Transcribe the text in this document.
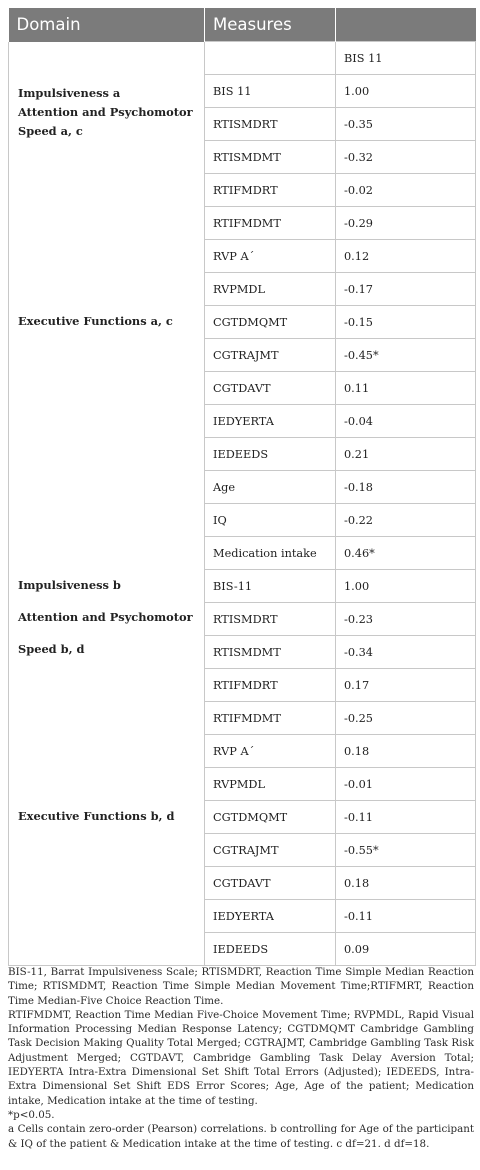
Domain	Measures	

Impulsiveness a
Attention and Psychomotor Speed a, c		BIS 11
	BIS 11	1.00
	RTISMDRT	-0.35
	RTISMDMT	-0.32
	RTIFMDRT	-0.02
	RTIFMDMT	-0.29
	RVP A´	0.12
	RVPMDL	-0.17

Executive Functions a, c	CGTDMQMT	-0.15
	CGTRAJMT	-0.45*
	CGTDAVT	0.11
	IEDYERTA	-0.04
	IEDEEDS	0.21
	Age	-0.18
	IQ	-0.22
	Medication intake	0.46*

Impulsiveness b
Attention and Psychomotor
Speed b, d	BIS-11	1.00
	RTISMDRT	-0.23
	RTISMDMT	-0.34
	RTIFMDRT	0.17
	RTIFMDMT	-0.25
	RVP A´	0.18
	RVPMDL	-0.01

Executive Functions b, d	CGTDMQMT	-0.11
	CGTRAJMT	-0.55*
	CGTDAVT	0.18
	IEDYERTA	-0.11
	IEDEEDS	0.09

BIS-11, Barrat Impulsiveness Scale; RTISMDRT, Reaction Time Simple Median Reaction Time; RTISMDMT, Reaction Time Simple Median Movement Time;RTIFMRT, Reaction Time Median-Five Choice Reaction Time.

RTIFMDMT, Reaction Time Median Five-Choice Movement Time; RVPMDL, Rapid Visual Information Processing Median Response Latency; CGTDMQMT Cambridge Gambling Task Decision Making Quality Total Merged; CGTRAJMT, Cambridge Gambling Task Risk Adjustment Merged; CGTDAVT, Cambridge Gambling Task Delay Aversion Total; IEDYERTA Intra-Extra Dimensional Set Shift Total Errors (Adjusted); IEDEEDS, Intra-Extra Dimensional Set Shift EDS Error Scores; Age, Age of the patient; Medication intake, Medication intake at the time of testing.

*p<0.05.

a Cells contain zero-order (Pearson) correlations. b controlling for Age of the participant & IQ of the patient & Medication intake at the time of testing. c df=21. d df=18.
